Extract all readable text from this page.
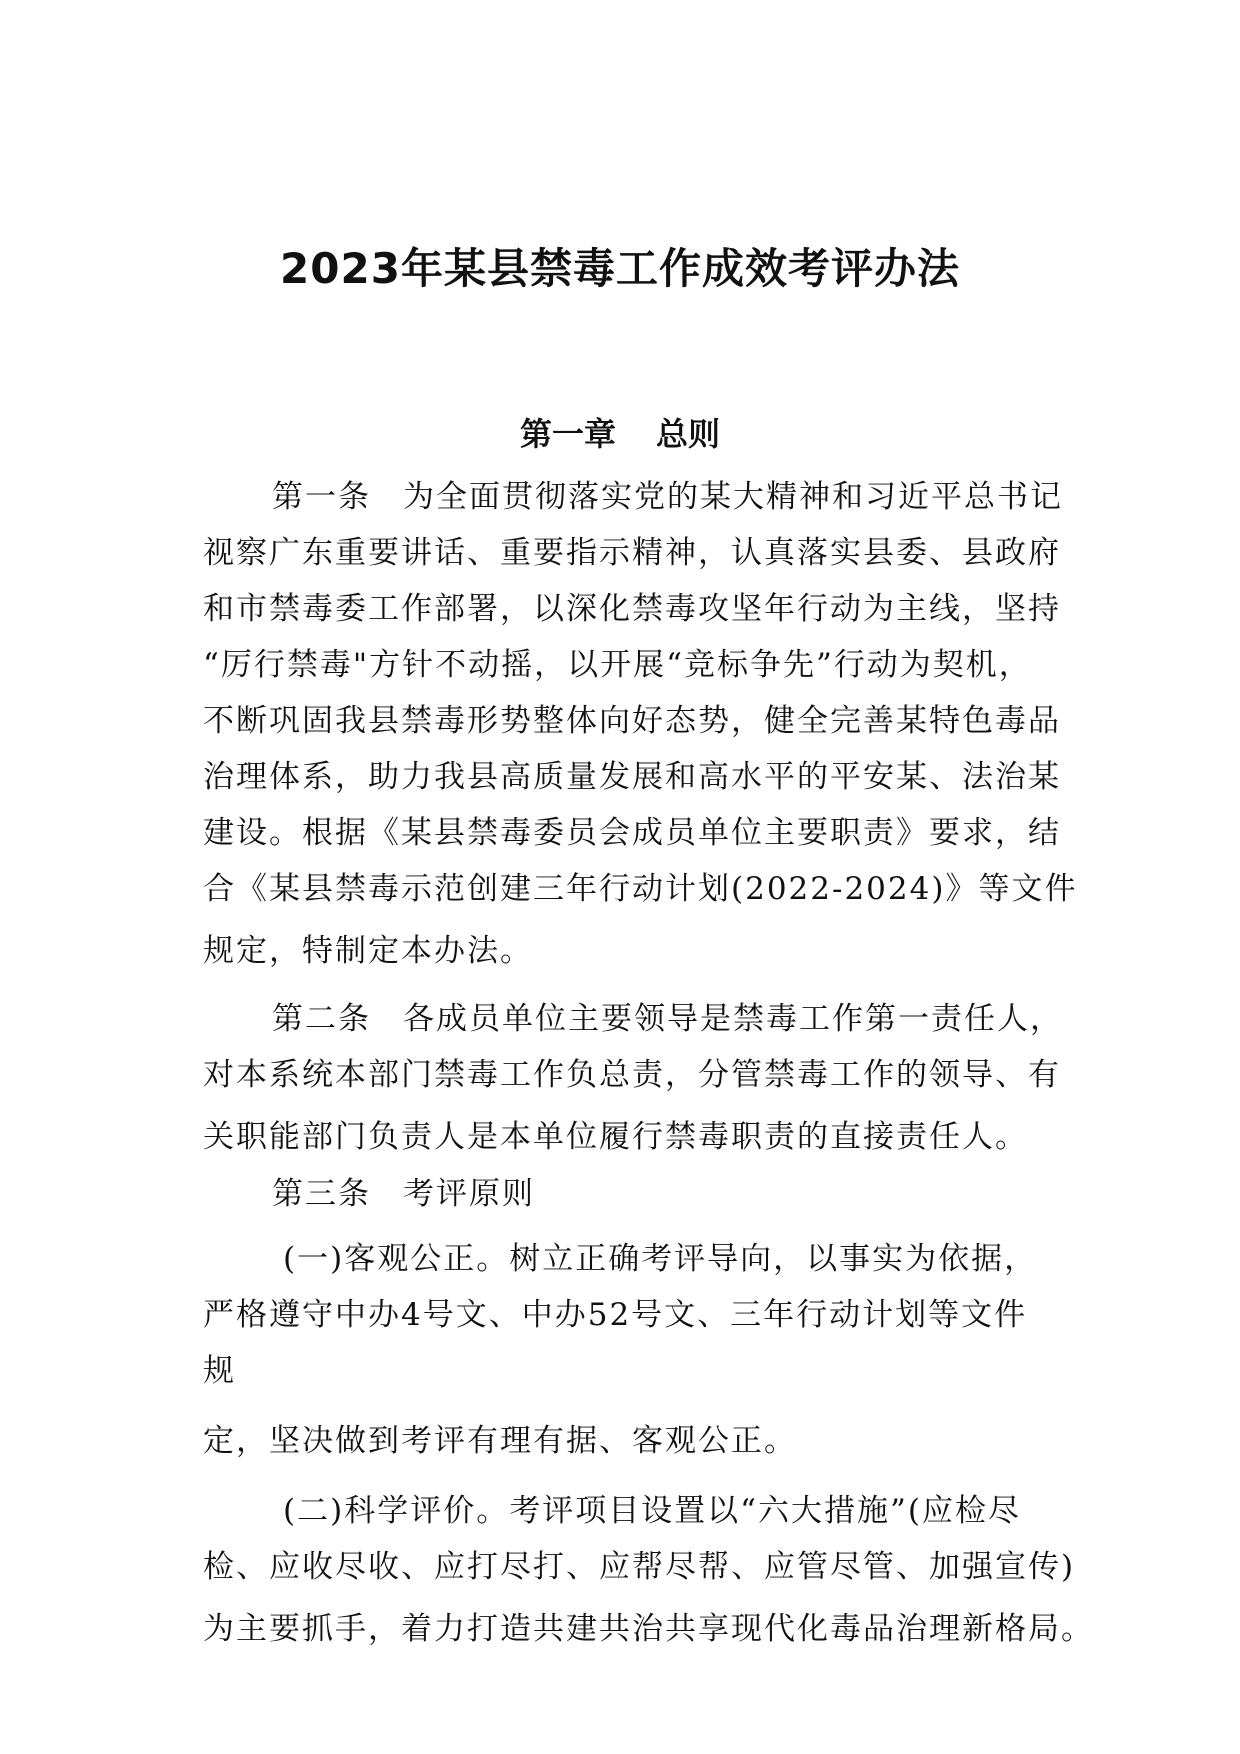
2023年某县禁毒工作成效考评办法
第一章 总则

第一条 为全面贯彻落实党的某大精神和习近平总书记

视察广东重要讲话、重要指示精神，认真落实县委、县政府

和市禁毒委工作部署，以深化禁毒攻坚年行动为主线，坚持

“厉行禁毒"方针不动摇，以开展“竞标争先”行动为契机，

不断巩固我县禁毒形势整体向好态势，健全完善某特色毒品

治理体系，助力我县高质量发展和高水平的平安某、法治某

建设。根据《某县禁毒委员会成员单位主要职责》要求，结

合《某县禁毒示范创建三年行动计划(2022-2024)》等文件

规定，特制定本办法。

第二条 各成员单位主要领导是禁毒工作第一责任人，

对本系统本部门禁毒工作负总责，分管禁毒工作的领导、有

关职能部门负责人是本单位履行禁毒职责的直接责任人。

第三条 考评原则

(一)客观公正。树立正确考评导向，以事实为依据，

严格遵守中办4号文、中办52号文、三年行动计划等文件

规

定，坚决做到考评有理有据、客观公正。

(二)科学评价。考评项目设置以“六大措施”(应检尽

检、应收尽收、应打尽打、应帮尽帮、应管尽管、加强宣传)

为主要抓手，着力打造共建共治共享现代化毒品治理新格局。
